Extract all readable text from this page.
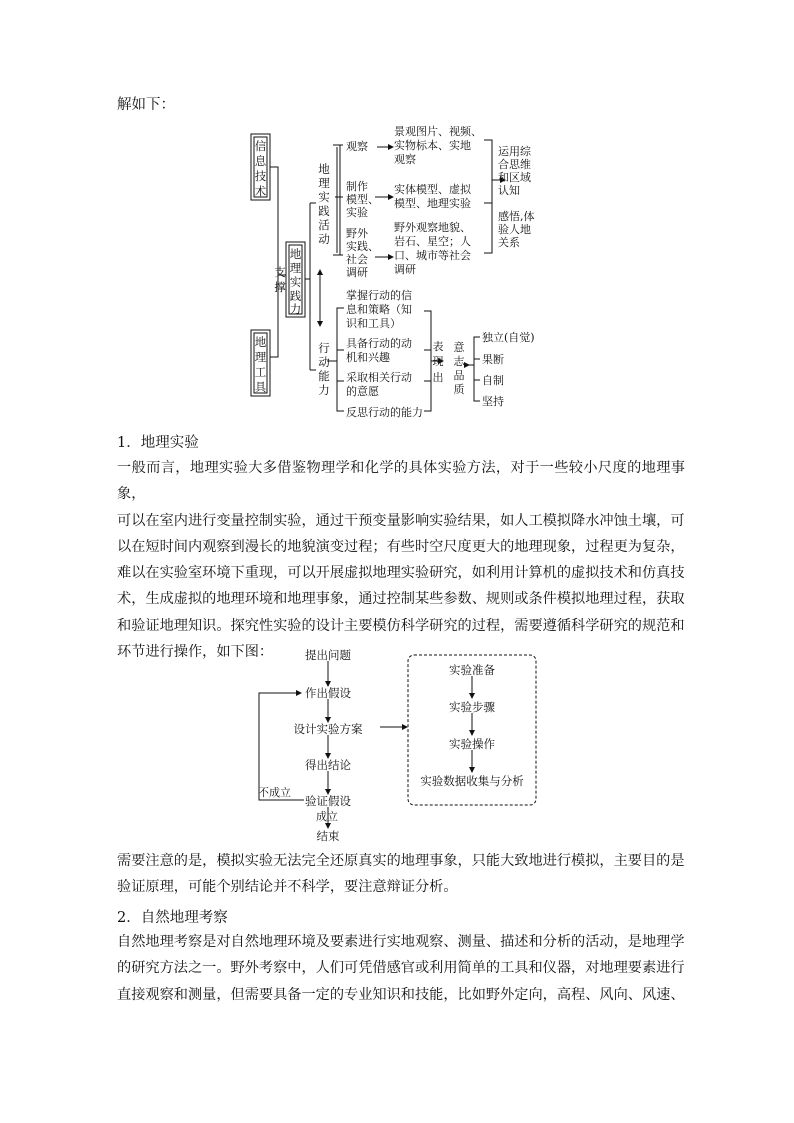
解如下：
信
息
技
术
地
理
工
具
支
撑
地
理
实
践
力
地
理
实
践
活
动
行
动
能
力
观察
制作
模型、
实验
野外
实践、
社会
调研
景观图片、视频、
实物标本、实地
观察
实体模型、虚拟
模型、地理实验
野外观察地貌、
岩石、星空；人
口、城市等社会
调研
运用综
合思维
和区域
认知
感悟,体
验人地
关系
掌握行动的信
息和策略（知
识和工具）
具备行动的动
机和兴趣
采取相关行动
的意愿
反思行动的能力
表
现
出
意
志
品
质
独立(自觉)
果断
自制
坚持
1．地理实验
一般而言，地理实验大多借鉴物理学和化学的具体实验方法，对于一些较小尺度的地理事象，
可以在室内进行变量控制实验，通过干预变量影响实验结果，如人工模拟降水冲蚀土壤，可
以在短时间内观察到漫长的地貌演变过程；有些时空尺度更大的地理现象，过程更为复杂，
难以在实验室环境下重现，可以开展虚拟地理实验研究，如利用计算机的虚拟技术和仿真技
术，生成虚拟的地理环境和地理事象，通过控制某些参数、规则或条件模拟地理过程，获取
和验证地理知识。探究性实验的设计主要模仿科学研究的过程，需要遵循科学研究的规范和
环节进行操作，如下图：	提出问题
作出假设
设计实验方案
得出结论
验证假设
结束
实验准备
实验步骤
实验操作
实验数据收集与分析
不成立
成立
需要注意的是，模拟实验无法完全还原真实的地理事象，只能大致地进行模拟，主要目的是
验证原理，可能个别结论并不科学，要注意辩证分析。
2．自然地理考察
自然地理考察是对自然地理环境及要素进行实地观察、测量、描述和分析的活动，是地理学
的研究方法之一。野外考察中，人们可凭借感官或利用简单的工具和仪器，对地理要素进行
直接观察和测量，但需要具备一定的专业知识和技能，比如野外定向，高程、风向、风速、
